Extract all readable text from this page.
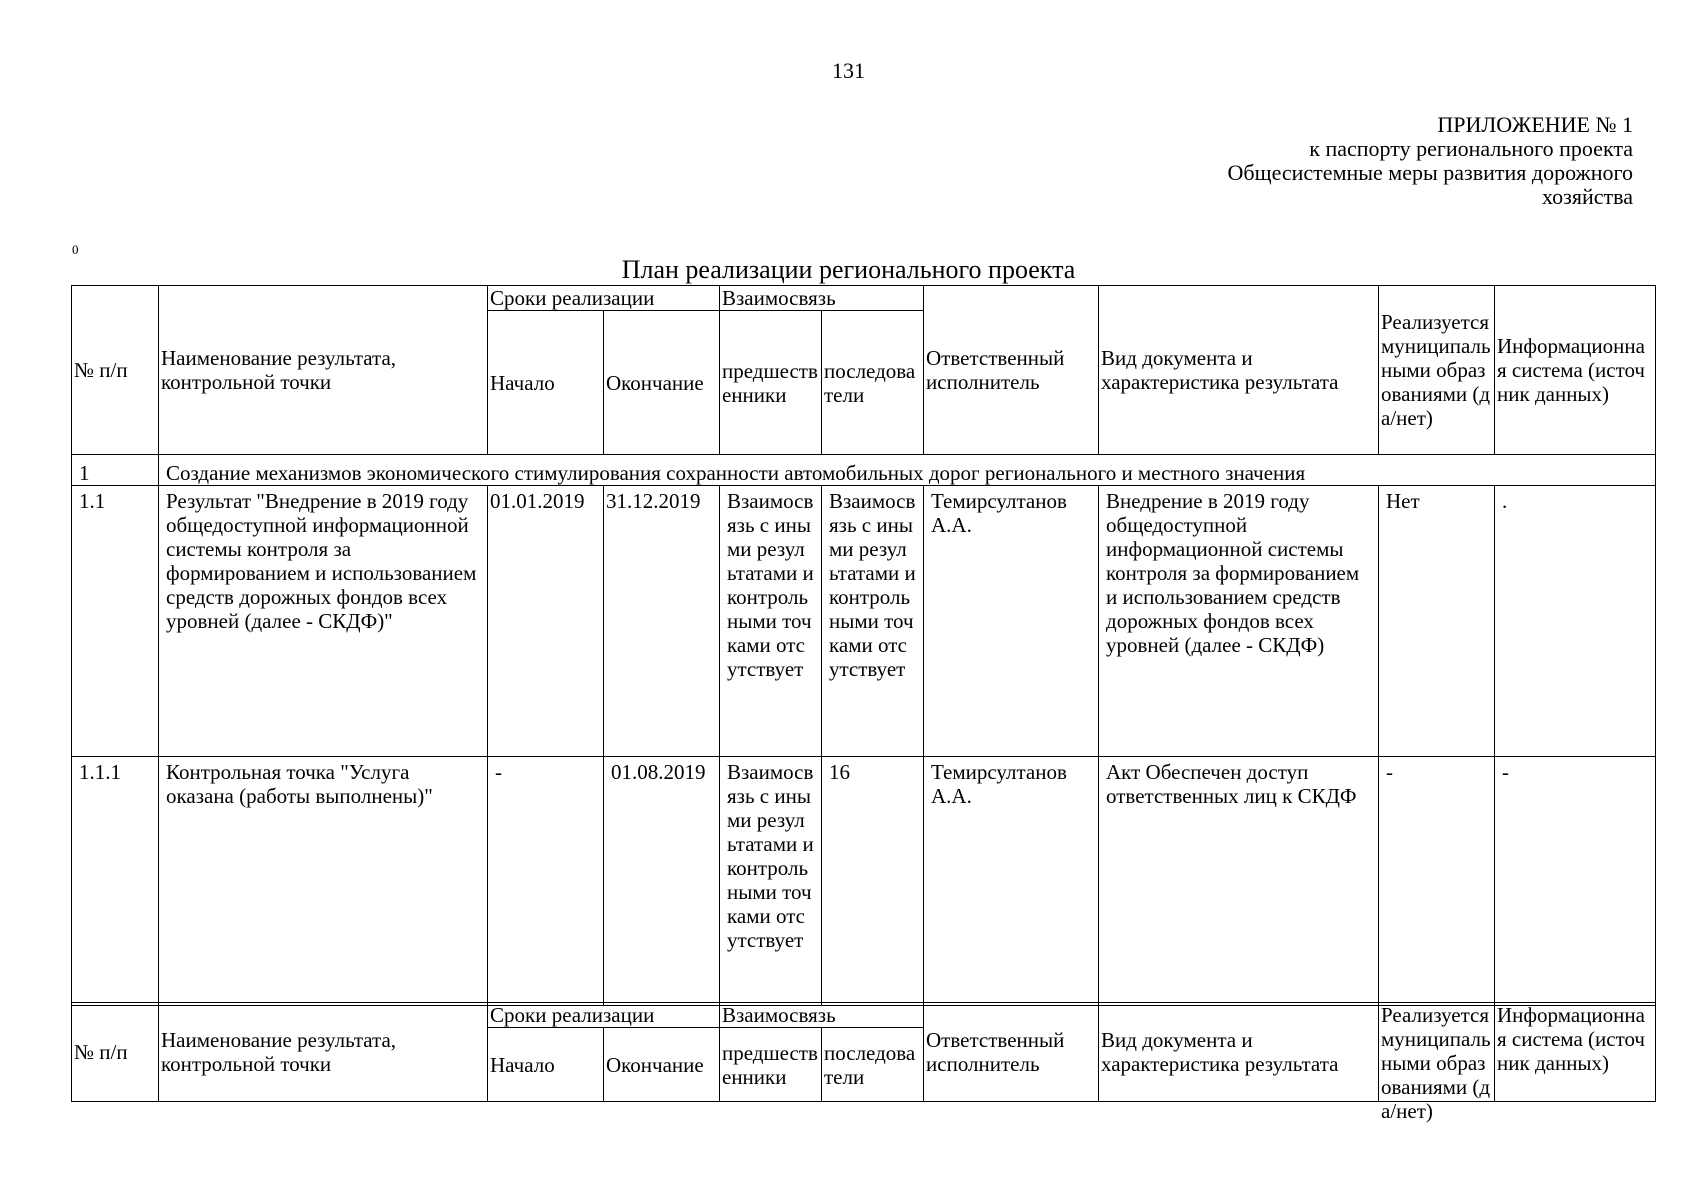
131
ПРИЛОЖЕНИЕ № 1
к паспорту регионального проекта
Общесистемные меры развития дорожного
хозяйства
0
План реализации регионального проекта
№ п/п	Наименование результата, контрольной точки	Сроки реализации		Взаимосвязь		Ответственный исполнитель	Вид документа и характеристика результата	Реализуется муниципальными образованиями (да/нет)	Информационная система (источник данных)
		Начало	Окончание	предшественники	последователи				
1	Создание механизмов экономического стимулирования сохранности автомобильных дорог регионального и местного значения								
1.1	Результат "Внедрение в 2019 году общедоступной информационной системы контроля за формированием и использованием средств дорожных фондов всех уровней (далее - СКДФ)"	01.01.2019	31.12.2019	Взаимосвязь с иными результатами и контрольными точками отсутствует	Взаимосвязь с иными результатами и контрольными точками отсутствует	Темирсултанов А.А.	Внедрение в 2019 году общедоступной информационной системы контроля за формированием и использованием средств дорожных фондов всех уровней (далее - СКДФ)	Нет	.
1.1.1	Контрольная точка "Услуга оказана (работы выполнены)"	-	01.08.2019	Взаимосвязь с иными результатами и контрольными точками отсутствует	16	Темирсултанов А.А.	Акт Обеспечен доступ ответственных лиц к СКДФ	-	-
№ п/п	Наименование результата, контрольной точки	Сроки реализации		Взаимосвязь		Ответственный исполнитель	Вид документа и характеристика результата	Реализуется муниципальными образованиями (да/нет)	Информационная система (источник данных)

		Начало	Окончание	предшественники	последователи				
